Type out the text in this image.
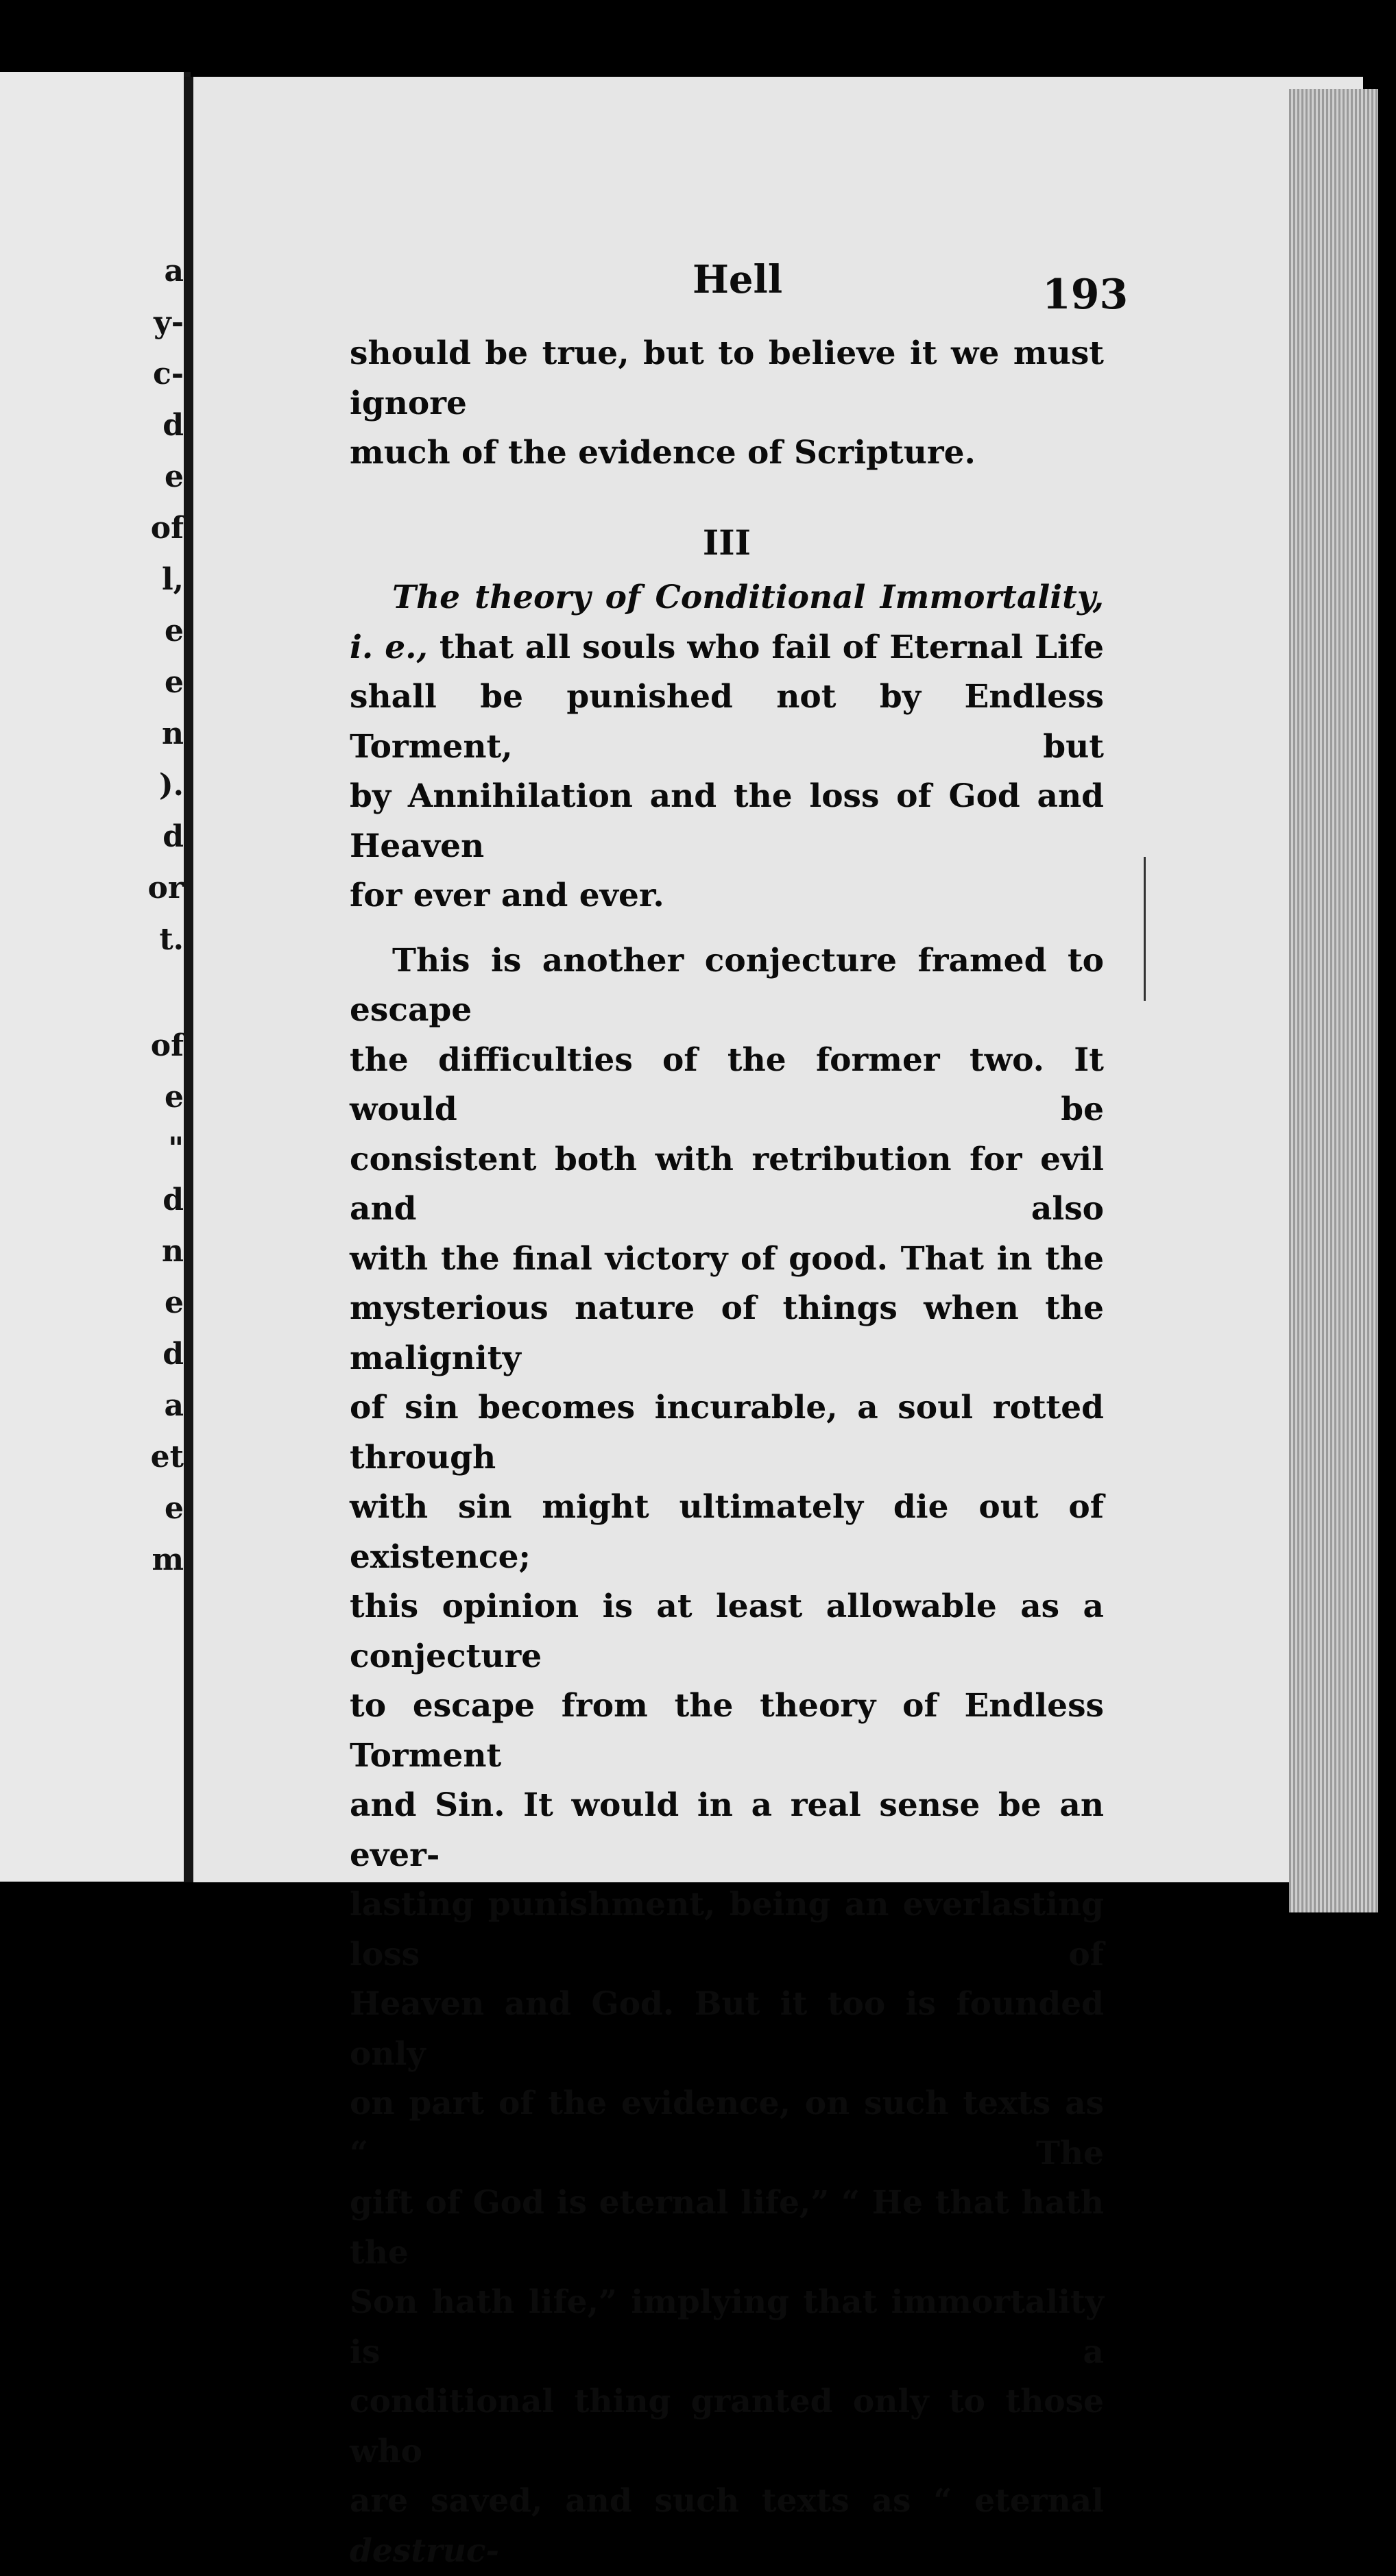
a
y-
c-
d
e
of
l,
e
e
n
).
d
or
t.
of
e
"
d
n
e
d
a
et
e
m
Hell	193

should be true, but to believe it we must ignore

much of the evidence of Scripture.

III

The theory of Conditional Immortality,

i. e., that all souls who fail of Eternal Life

shall be punished not by Endless Torment, but

by Annihilation and the loss of God and Heaven

for ever and ever.

This is another conjecture framed to escape

the difficulties of the former two. It would be

consistent both with retribution for evil and also

with the final victory of good. That in the

mysterious nature of things when the malignity

of sin becomes incurable, a soul rotted through

with sin might ultimately die out of existence;

this opinion is at least allowable as a conjecture

to escape from the theory of Endless Torment

and Sin. It would in a real sense be an ever-

lasting punishment, being an everlasting loss of

Heaven and God. But it too is founded only

on part of the evidence, on such texts as “ The

gift of God is eternal life,” “ He that hath the

Son hath life,” implying that immortality is a

conditional thing granted only to those who

are saved, and such texts as “ eternal destruc-
